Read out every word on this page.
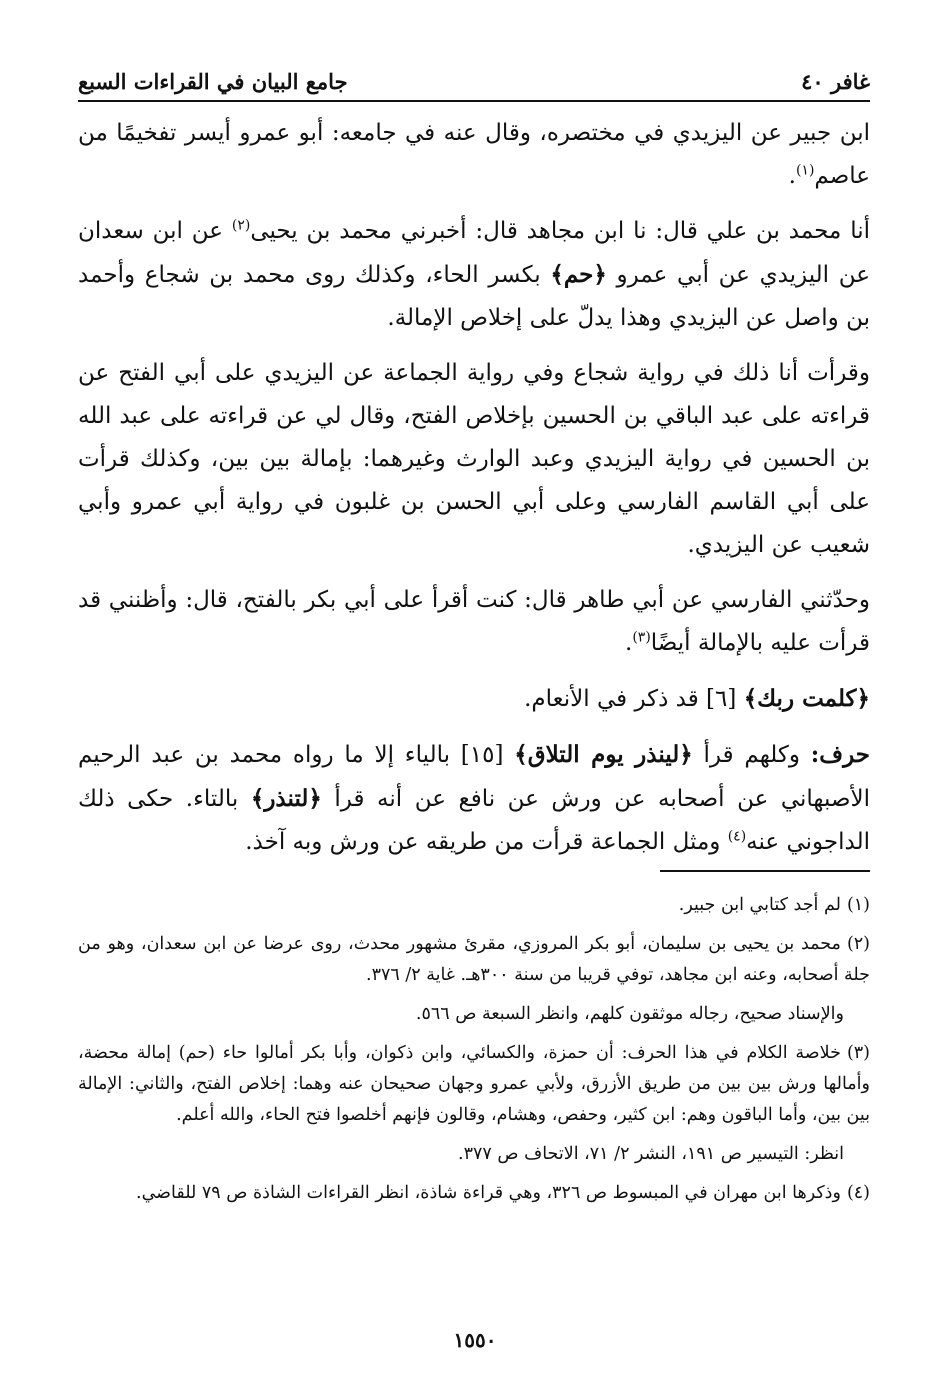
غافر ٤٠
جامع البيان في القراءات السبع

ابن جبير عن اليزيدي في مختصره، وقال عنه في جامعه: أبو عمرو أيسر تفخيمًا من عاصم$^{(١)}$.

أنا محمد بن علي قال: نا ابن مجاهد قال: أخبرني محمد بن يحيى$^{(٢)}$ عن ابن سعدان عن اليزيدي عن أبي عمرو ﴿حم﴾ بكسر الحاء، وكذلك روى محمد بن شجاع وأحمد بن واصل عن اليزيدي وهذا يدلّ على إخلاص الإمالة.

وقرأت أنا ذلك في رواية شجاع وفي رواية الجماعة عن اليزيدي على أبي الفتح عن قراءته على عبد الباقي بن الحسين بإخلاص الفتح، وقال لي عن قراءته على عبد الله بن الحسين في رواية اليزيدي وعبد الوارث وغيرهما: بإمالة بين بين، وكذلك قرأت على أبي القاسم الفارسي وعلى أبي الحسن بن غلبون في رواية أبي عمرو وأبي شعيب عن اليزيدي.

وحدّثني الفارسي عن أبي طاهر قال: كنت أقرأ على أبي بكر بالفتح، قال: وأظنني قد قرأت عليه بالإمالة أيضًا$^{(٣)}$.

﴿كلمت ربك﴾ [٦] قد ذكر في الأنعام.

حرف: وكلهم قرأ ﴿لينذر يوم التلاق﴾ [١٥] بالياء إلا ما رواه محمد بن عبد الرحيم الأصبهاني عن أصحابه عن ورش عن نافع عن أنه قرأ ﴿لتنذر﴾ بالتاء. حكى ذلك الداجوني عنه$^{(٤)}$ ومثل الجماعة قرأت من طريقه عن ورش وبه آخذ.

(١)لم أجد كتابي ابن جبير.

(٢)محمد بن يحيى بن سليمان، أبو بكر المروزي، مقرئ مشهور محدث، روى عرضا عن ابن سعدان، وهو من جلة أصحابه، وعنه ابن مجاهد، توفي قريبا من سنة ٣٠٠هـ. غاية ٢/ ٣٧٦.

والإسناد صحيح، رجاله موثقون كلهم، وانظر السبعة ص ٥٦٦.

(٣)خلاصة الكلام في هذا الحرف: أن حمزة، والكسائي، وابن ذكوان، وأبا بكر أمالوا حاء (حم) إمالة محضة، وأمالها ورش بين بين من طريق الأزرق، ولأبي عمرو وجهان صحيحان عنه وهما: إخلاص الفتح، والثاني: الإمالة بين بين، وأما الباقون وهم: ابن كثير، وحفص، وهشام، وقالون فإنهم أخلصوا فتح الحاء، والله أعلم.

انظر: التيسير ص ١٩١، النشر ٢/ ٧١، الاتحاف ص ٣٧٧.

(٤)وذكرها ابن مهران في المبسوط ص ٣٢٦، وهي قراءة شاذة، انظر القراءات الشاذة ص ٧٩ للقاضي.

١٥٥٠
